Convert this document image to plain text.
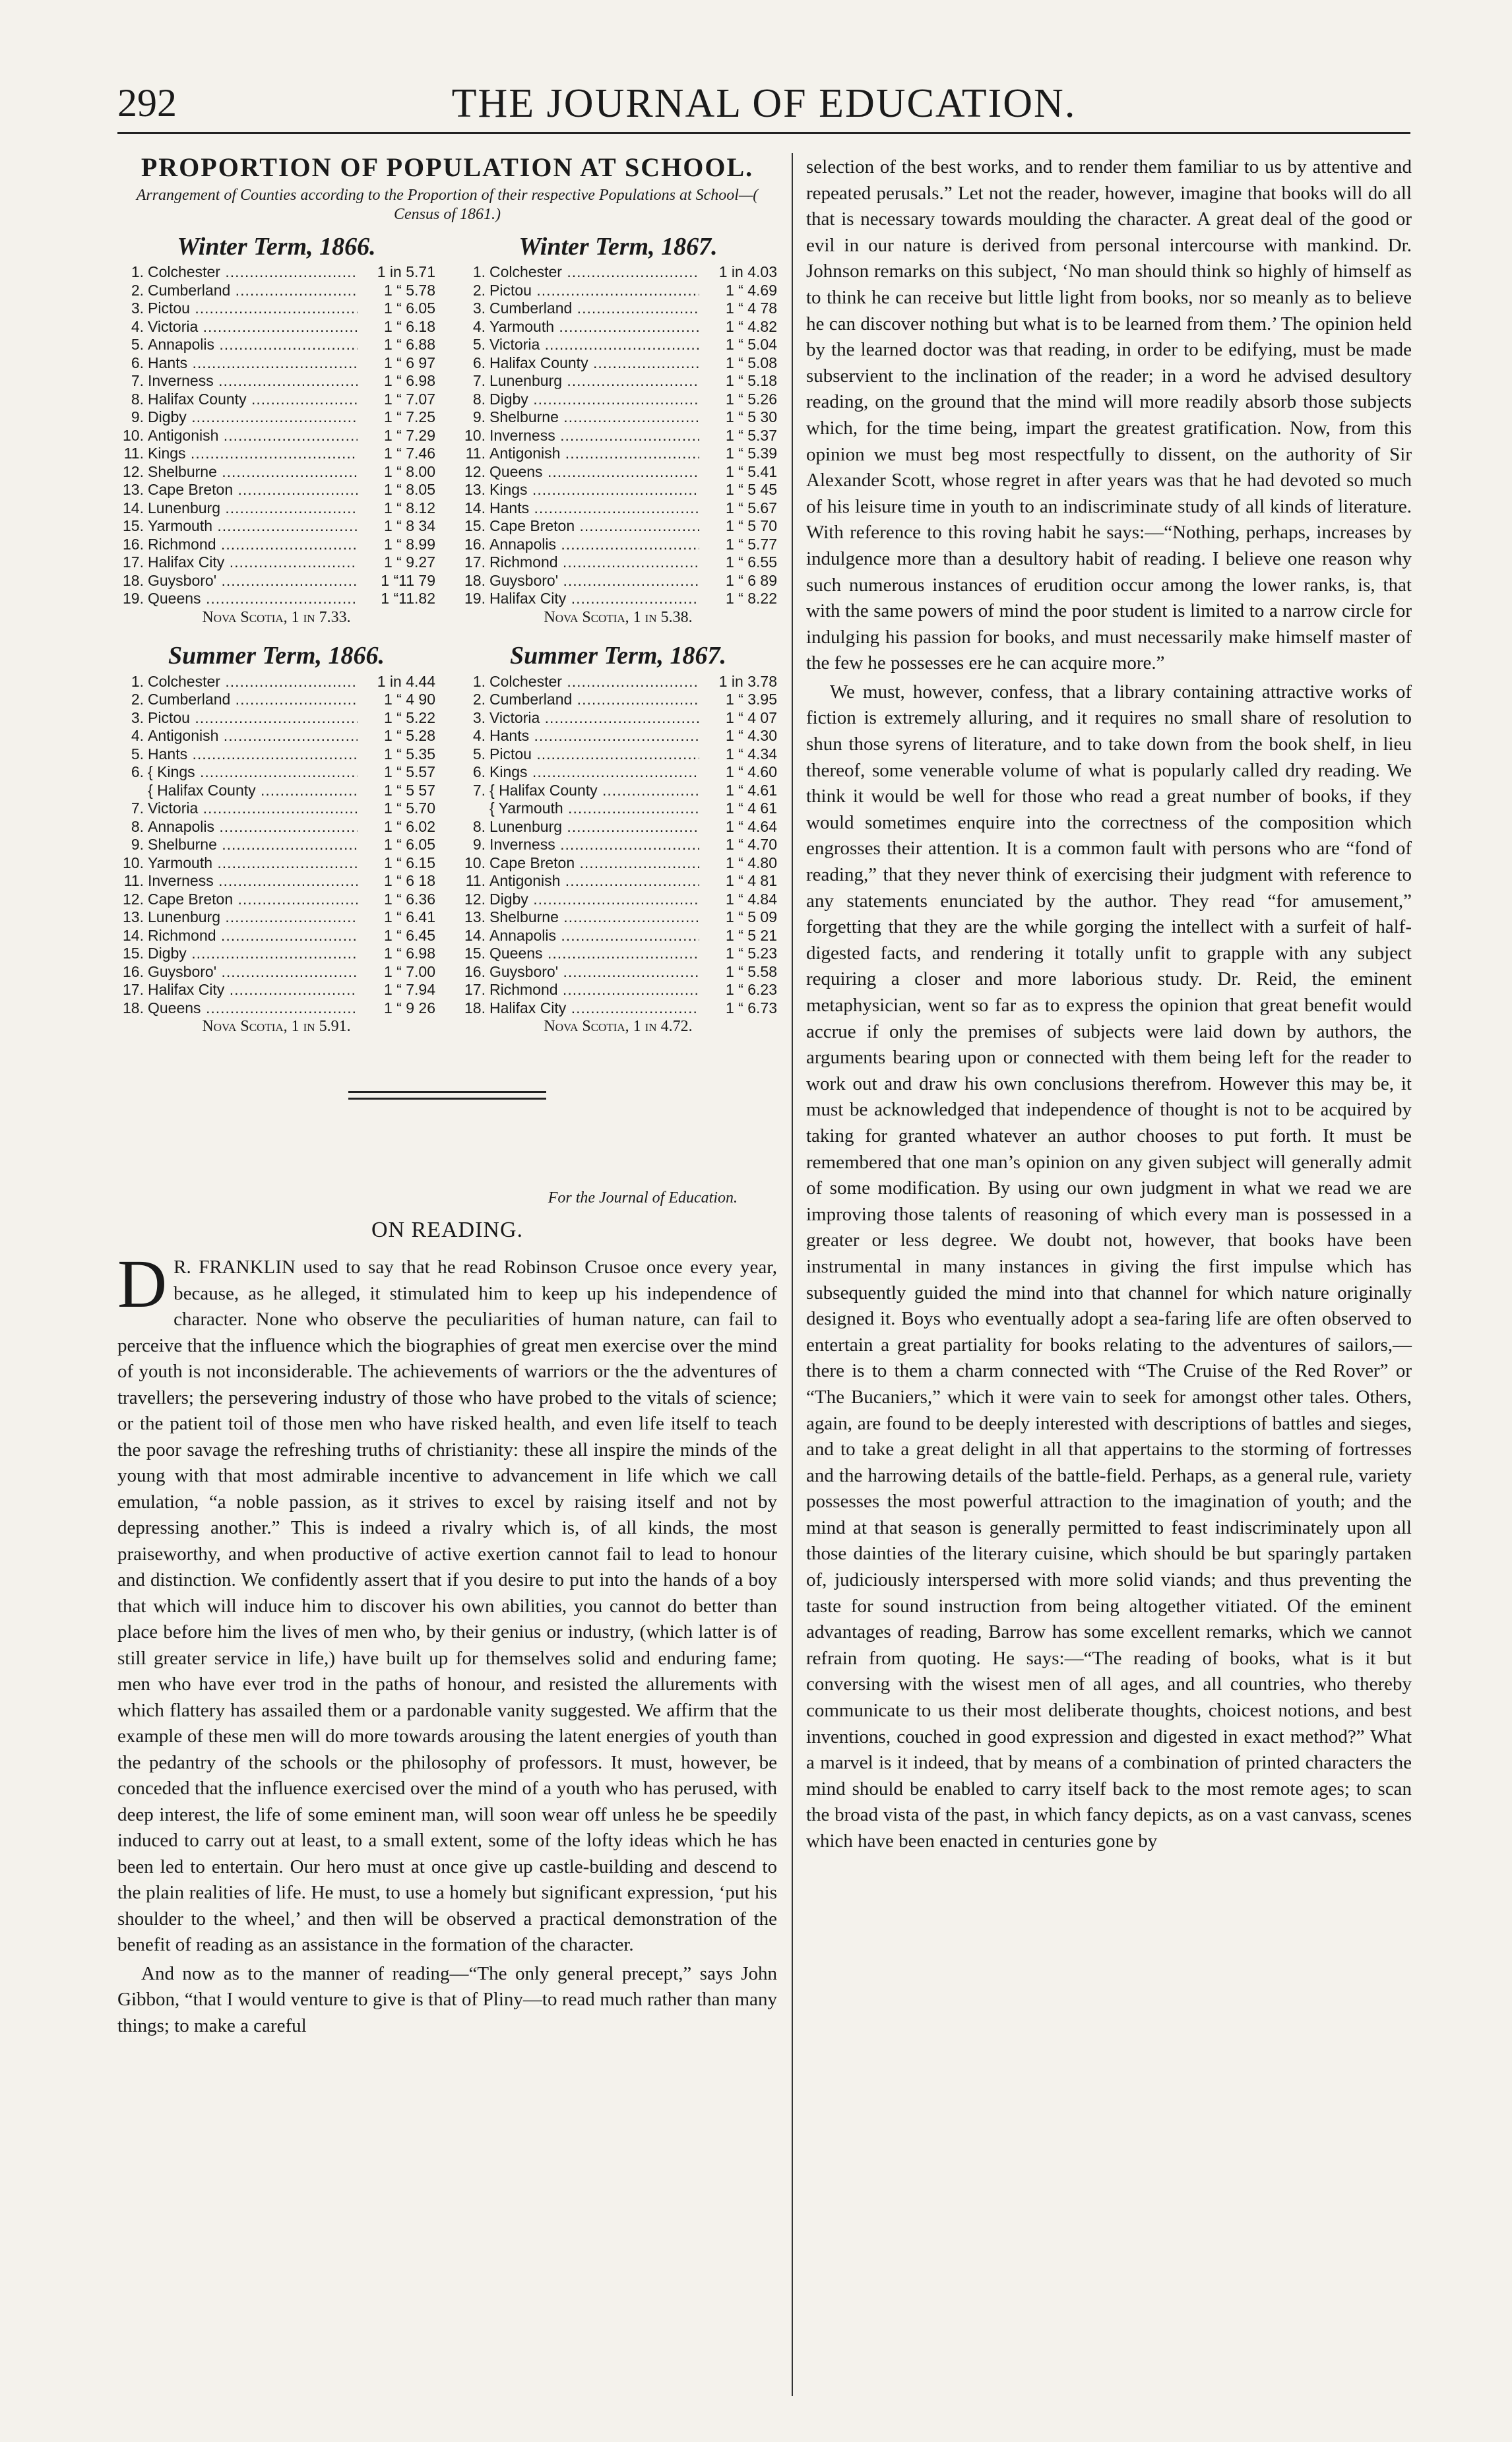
292	THE JOURNAL OF EDUCATION.
PROPORTION OF POPULATION AT SCHOOL.
Arrangement of Counties according to the Proportion of their respective Populations at School—( Census of 1861.)
Winter Term, 1866.
1. Colchester .....	1 in 5.71
2. Cumberland .....	1 “ 5.78
3. Pictou .....	1 “ 6.05
4. Victoria .....	1 “ 6.18
5. Annapolis .....	1 “ 6.88
6. Hants .....	1 “ 6 97
7. Inverness .....	1 “ 6.98
8. Halifax County .....	1 “ 7.07
9. Digby .....	1 “ 7.25
10. Antigonish .....	1 “ 7.29
11. Kings .....	1 “ 7.46
12. Shelburne .....	1 “ 8.00
13. Cape Breton .....	1 “ 8.05
14. Lunenburg .....	1 “ 8.12
15. Yarmouth .....	1 “ 8 34
16. Richmond .....	1 “ 8.99
17. Halifax City .....	1 “ 9.27
18. Guysboro' .....	1 “11 79
19. Queens .....	1 “11.82
Nova Scotia, 1 in 7.33.
Winter Term, 1867.
1. Colchester .....	1 in 4.03
2. Pictou .....	1 “ 4.69
3. Cumberland .....	1 “ 4 78
4. Yarmouth .....	1 “ 4.82
5. Victoria .....	1 “ 5.04
6. Halifax County .....	1 “ 5.08
7. Lunenburg .....	1 “ 5.18
8. Digby .....	1 “ 5.26
9. Shelburne .....	1 “ 5 30
10. Inverness .....	1 “ 5.37
11. Antigonish .....	1 “ 5.39
12. Queens .....	1 “ 5.41
13. Kings .....	1 “ 5 45
14. Hants .....	1 “ 5.67
15. Cape Breton .....	1 “ 5 70
16. Annapolis .....	1 “ 5.77
17. Richmond .....	1 “ 6.55
18. Guysboro' .....	1 “ 6 89
19. Halifax City .....	1 “ 8.22
Nova Scotia, 1 in 5.38.
Summer Term, 1866.
1. Colchester .....	1 in 4.44
2. Cumberland .....	1 “ 4 90
3. Pictou .....	1 “ 5.22
4. Antigonish .....	1 “ 5.28
5. Hants .....	1 “ 5.35
6. { Kings .....	1 “ 5.57
{ Halifax County .....	1 “ 5 57
7. Victoria .....	1 “ 5.70
8. Annapolis .....	1 “ 6.02
9. Shelburne .....	1 “ 6.05
10. Yarmouth .....	1 “ 6.15
11. Inverness .....	1 “ 6 18
12. Cape Breton .....	1 “ 6.36
13. Lunenburg .....	1 “ 6.41
14. Richmond .....	1 “ 6.45
15. Digby .....	1 “ 6.98
16. Guysboro' .....	1 “ 7.00
17. Halifax City .....	1 “ 7.94
18. Queens .....	1 “ 9 26
Nova Scotia, 1 in 5.91.
Summer Term, 1867.
1. Colchester .....	1 in 3.78
2. Cumberland .....	1 “ 3.95
3. Victoria .....	1 “ 4 07
4. Hants .....	1 “ 4.30
5. Pictou .....	1 “ 4.34
6. Kings .....	1 “ 4.60
7. { Halifax County .....	1 “ 4.61
{ Yarmouth .....	1 “ 4 61
8. Lunenburg .....	1 “ 4.64
9. Inverness .....	1 “ 4.70
10. Cape Breton .....	1 “ 4.80
11. Antigonish .....	1 “ 4 81
12. Digby .....	1 “ 4.84
13. Shelburne .....	1 “ 5 09
14. Annapolis .....	1 “ 5 21
15. Queens .....	1 “ 5.23
16. Guysboro' .....	1 “ 5.58
17. Richmond .....	1 “ 6.23
18. Halifax City .....	1 “ 6.73
Nova Scotia, 1 in 4.72.
For the Journal of Education.
ON READING.

D R. FRANKLIN used to say that he read Robinson Crusoe once every year, because, as he alleged, it stimulated him to keep up his independence of character. None who observe the peculiarities of human nature, can fail to perceive that the influence which the biographies of great men exercise over the mind of youth is not inconsiderable. The achievements of warriors or the the adventures of travellers; the persevering industry of those who have probed to the vitals of science; or the patient toil of those men who have risked health, and even life itself to teach the poor savage the refreshing truths of christianity: these all inspire the minds of the young with that most admirable incentive to advancement in life which we call emulation, “a noble passion, as it strives to excel by raising itself and not by depressing another.” This is indeed a rivalry which is, of all kinds, the most praiseworthy, and when productive of active exertion cannot fail to lead to honour and distinction. We confidently assert that if you desire to put into the hands of a boy that which will induce him to discover his own abilities, you cannot do better than place before him the lives of men who, by their genius or industry, (which latter is of still greater service in life,) have built up for themselves solid and enduring fame; men who have ever trod in the paths of honour, and resisted the allurements with which flattery has assailed them or a pardonable vanity suggested. We affirm that the example of these men will do more towards arousing the latent energies of youth than the pedantry of the schools or the philosophy of professors. It must, however, be conceded that the influence exercised over the mind of a youth who has perused, with deep interest, the life of some eminent man, will soon wear off unless he be speedily induced to carry out at least, to a small extent, some of the lofty ideas which he has been led to entertain. Our hero must at once give up castle-building and descend to the plain realities of life. He must, to use a homely but significant expression, ‘put his shoulder to the wheel,’ and then will be observed a practical demonstration of the benefit of reading as an assistance in the formation of the character.

And now as to the manner of reading—“The only general precept,” says John Gibbon, “that I would venture to give is that of Pliny—to read much rather than many things; to make a careful

selection of the best works, and to render them familiar to us by attentive and repeated perusals.” Let not the reader, however, imagine that books will do all that is necessary towards moulding the character. A great deal of the good or evil in our nature is derived from personal intercourse with mankind. Dr. Johnson remarks on this subject, ‘No man should think so highly of himself as to think he can receive but little light from books, nor so meanly as to believe he can discover nothing but what is to be learned from them.’ The opinion held by the learned doctor was that reading, in order to be edifying, must be made subservient to the inclination of the reader; in a word he advised desultory reading, on the ground that the mind will more readily absorb those subjects which, for the time being, impart the greatest gratification. Now, from this opinion we must beg most respectfully to dissent, on the authority of Sir Alexander Scott, whose regret in after years was that he had devoted so much of his leisure time in youth to an indiscriminate study of all kinds of literature. With reference to this roving habit he says:—“Nothing, perhaps, increases by indulgence more than a desultory habit of reading. I believe one reason why such numerous instances of erudition occur among the lower ranks, is, that with the same powers of mind the poor student is limited to a narrow circle for indulging his passion for books, and must necessarily make himself master of the few he possesses ere he can acquire more.”

We must, however, confess, that a library containing attractive works of fiction is extremely alluring, and it requires no small share of resolution to shun those syrens of literature, and to take down from the book shelf, in lieu thereof, some venerable volume of what is popularly called dry reading. We think it would be well for those who read a great number of books, if they would sometimes enquire into the correctness of the composition which engrosses their attention. It is a common fault with persons who are “fond of reading,” that they never think of exercising their judgment with reference to any statements enunciated by the author. They read “for amusement,” forgetting that they are the while gorging the intellect with a surfeit of half-digested facts, and rendering it totally unfit to grapple with any subject requiring a closer and more laborious study. Dr. Reid, the eminent metaphysician, went so far as to express the opinion that great benefit would accrue if only the premises of subjects were laid down by authors, the arguments bearing upon or connected with them being left for the reader to work out and draw his own conclusions therefrom. However this may be, it must be acknowledged that independence of thought is not to be acquired by taking for granted whatever an author chooses to put forth. It must be remembered that one man’s opinion on any given subject will generally admit of some modification. By using our own judgment in what we read we are improving those talents of reasoning of which every man is possessed in a greater or less degree. We doubt not, however, that books have been instrumental in many instances in giving the first impulse which has subsequently guided the mind into that channel for which nature originally designed it. Boys who eventually adopt a sea-faring life are often observed to entertain a great partiality for books relating to the adventures of sailors,—there is to them a charm connected with “The Cruise of the Red Rover” or “The Bucaniers,” which it were vain to seek for amongst other tales. Others, again, are found to be deeply interested with descriptions of battles and sieges, and to take a great delight in all that appertains to the storming of fortresses and the harrowing details of the battle-field. Perhaps, as a general rule, variety possesses the most powerful attraction to the imagination of youth; and the mind at that season is generally permitted to feast indiscriminately upon all those dainties of the literary cuisine, which should be but sparingly partaken of, judiciously interspersed with more solid viands; and thus preventing the taste for sound instruction from being altogether vitiated. Of the eminent advantages of reading, Barrow has some excellent remarks, which we cannot refrain from quoting. He says:—“The reading of books, what is it but conversing with the wisest men of all ages, and all countries, who thereby communicate to us their most deliberate thoughts, choicest notions, and best inventions, couched in good expression and digested in exact method?” What a marvel is it indeed, that by means of a combination of printed characters the mind should be enabled to carry itself back to the most remote ages; to scan the broad vista of the past, in which fancy depicts, as on a vast canvass, scenes which have been enacted in centuries gone by
